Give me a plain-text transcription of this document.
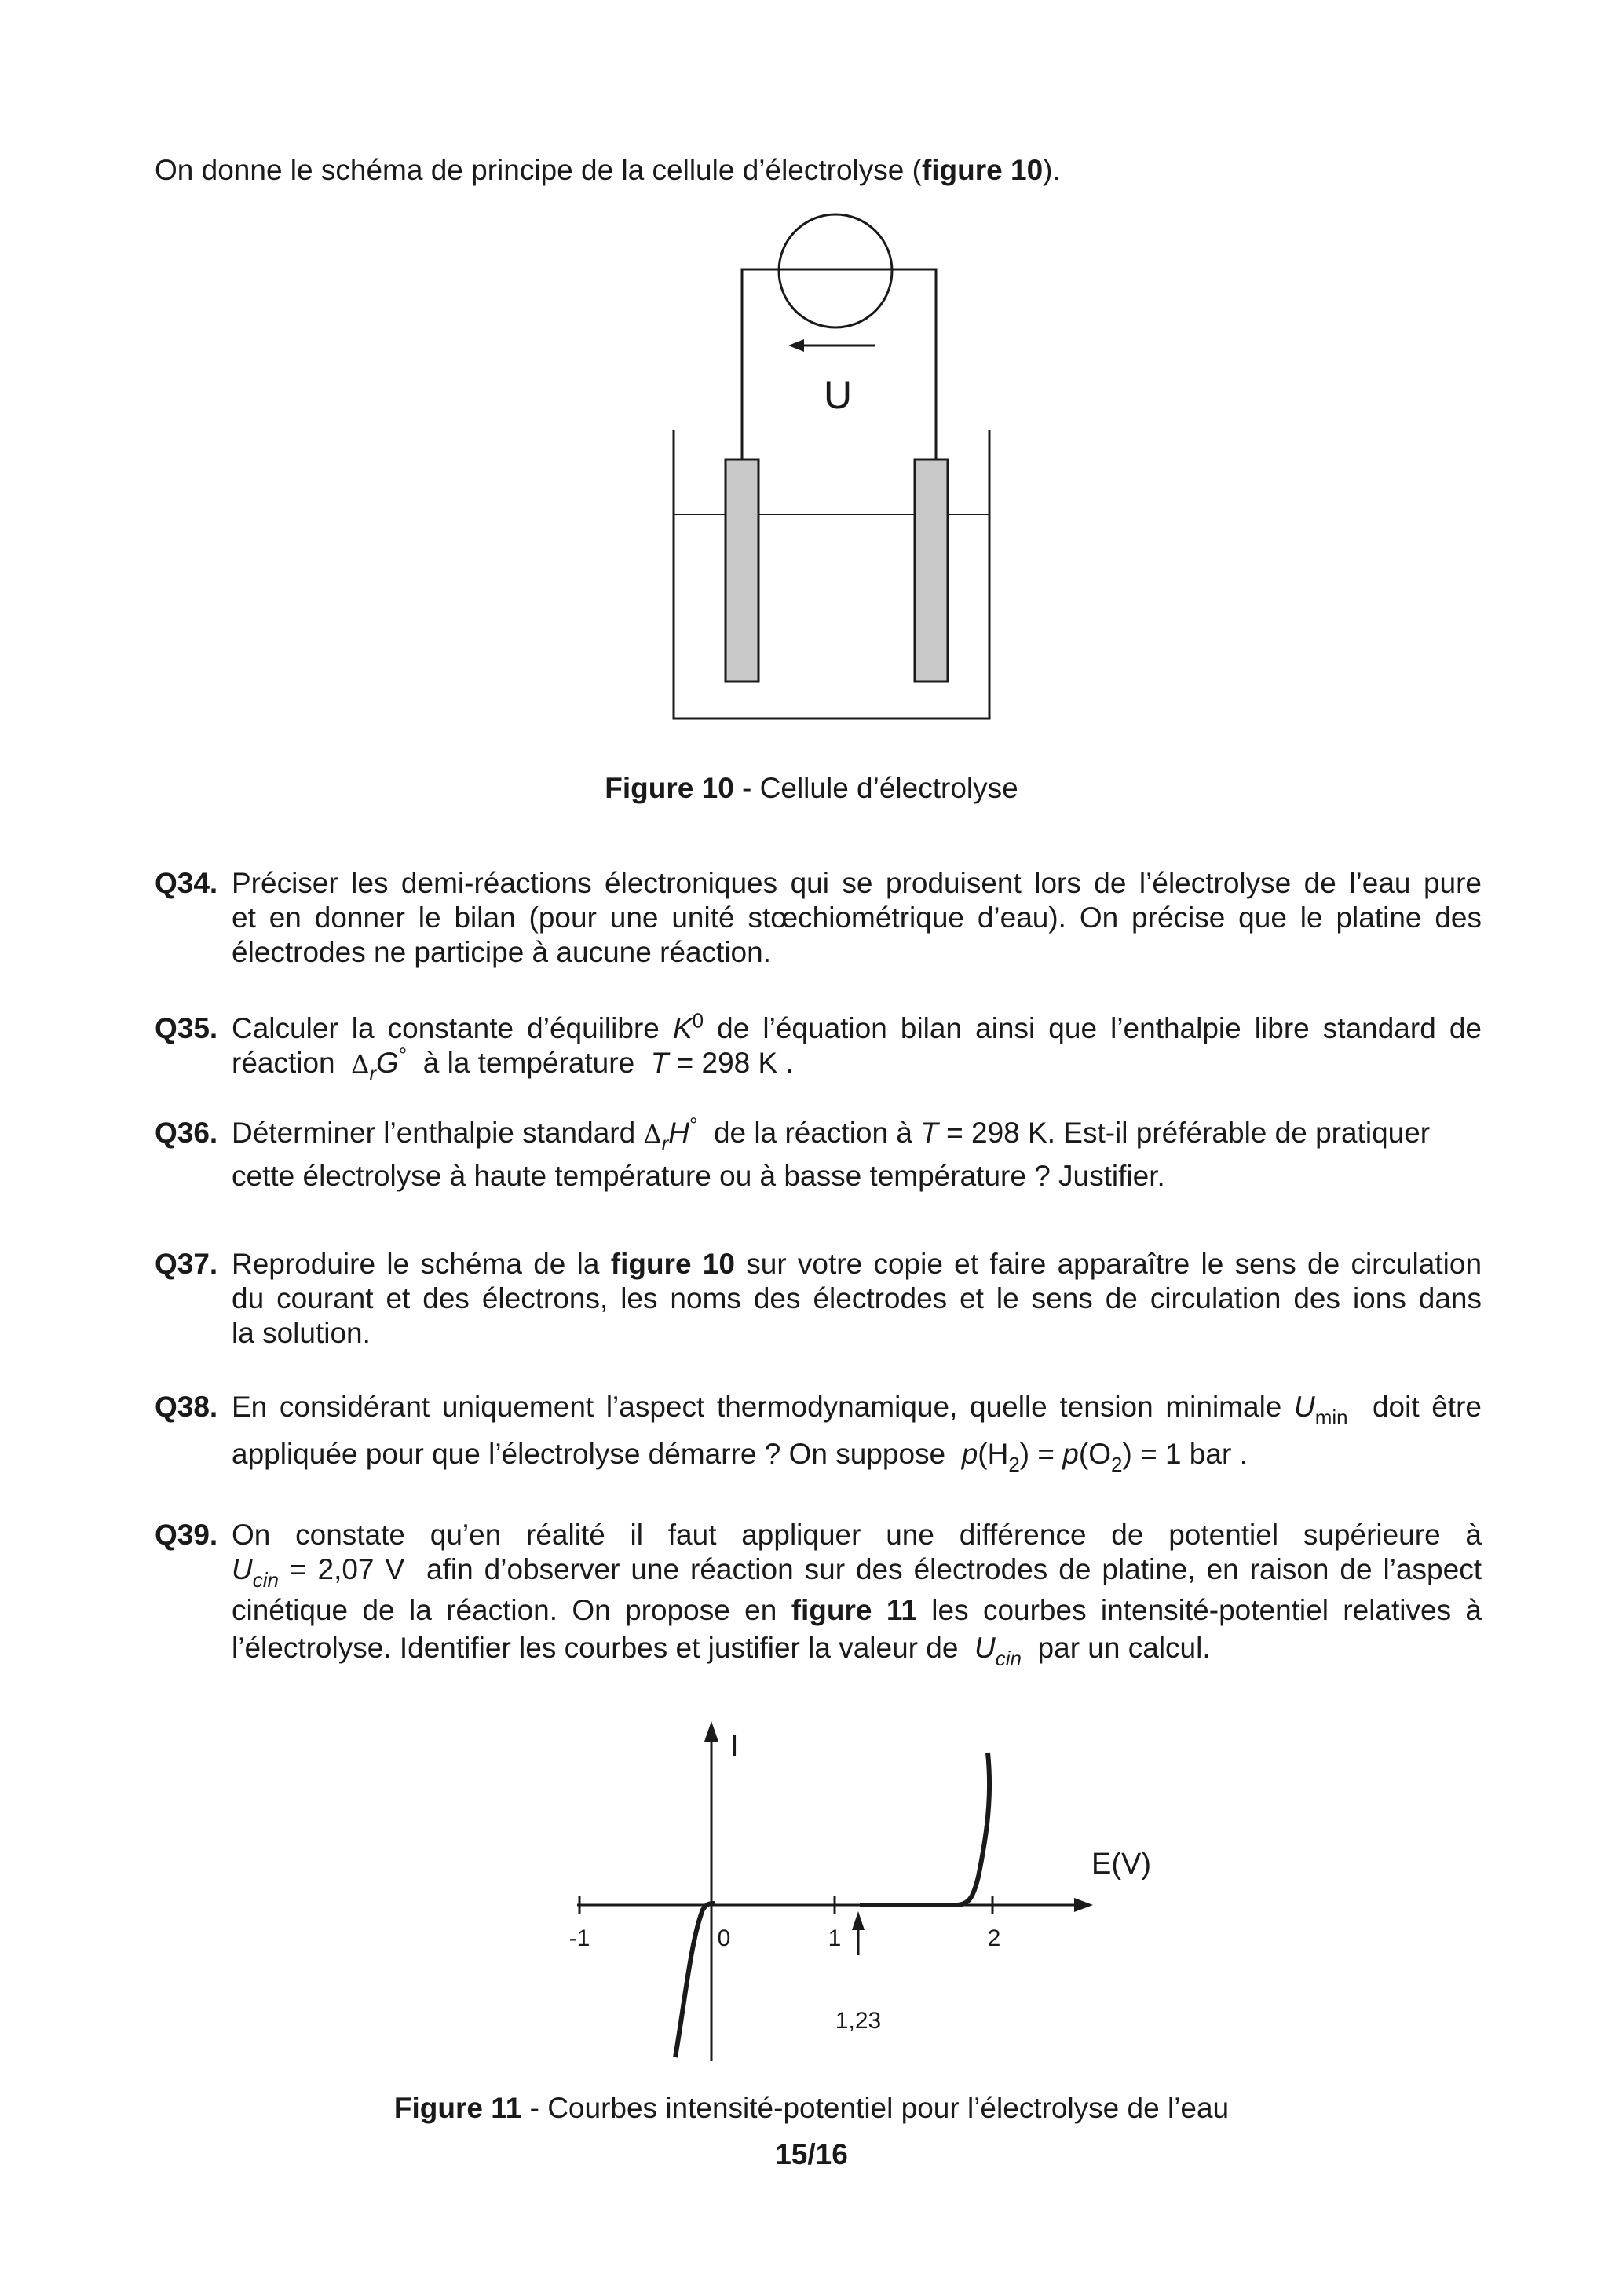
On donne le schéma de principe de la cellule d’électrolyse (figure 10).
U
Figure 10 - Cellule d’électrolyse
Q34. Préciser les demi-réactions électroniques qui se produisent lors de l’électrolyse de l’eau pure
et en donner le bilan (pour une unité stœchiométrique d’eau). On précise que le platine des
électrodes ne participe à aucune réaction.
Q35. Calculer la constante d’équilibre $K^0$ de l’équation bilan ainsi que l’enthalpie libre standard de
réaction $\Delta_rG^\circ$ à la température T = 298 K .
Q36. Déterminer l’enthalpie standard $\Delta_rH^\circ$ de la réaction à T = 298 K. Est-il préférable de pratiquer
cette électrolyse à haute température ou à basse température ? Justifier.
Q37. Reproduire le schéma de la figure 10 sur votre copie et faire apparaître le sens de circulation
du courant et des électrons, les noms des électrodes et le sens de circulation des ions dans
la solution.
Q38. En considérant uniquement l’aspect thermodynamique, quelle tension minimale $U_{min}$ doit être
appliquée pour que l’électrolyse démarre ? On suppose $p(H_2) = p(O_2) = 1$ bar .
Q39. On constate qu’en réalité il faut appliquer une différence de potentiel supérieure à
$U_{cin} = 2,07$ V afin d’observer une réaction sur des électrodes de platine, en raison de l’aspect
cinétique de la réaction. On propose en figure 11 les courbes intensité-potentiel relatives à
l’électrolyse. Identifier les courbes et justifier la valeur de $U_{cin}$ par un calcul.
I
E(V)
-1	0	1	2
1,23
Figure 11 - Courbes intensité-potentiel pour l’électrolyse de l’eau
15/16
